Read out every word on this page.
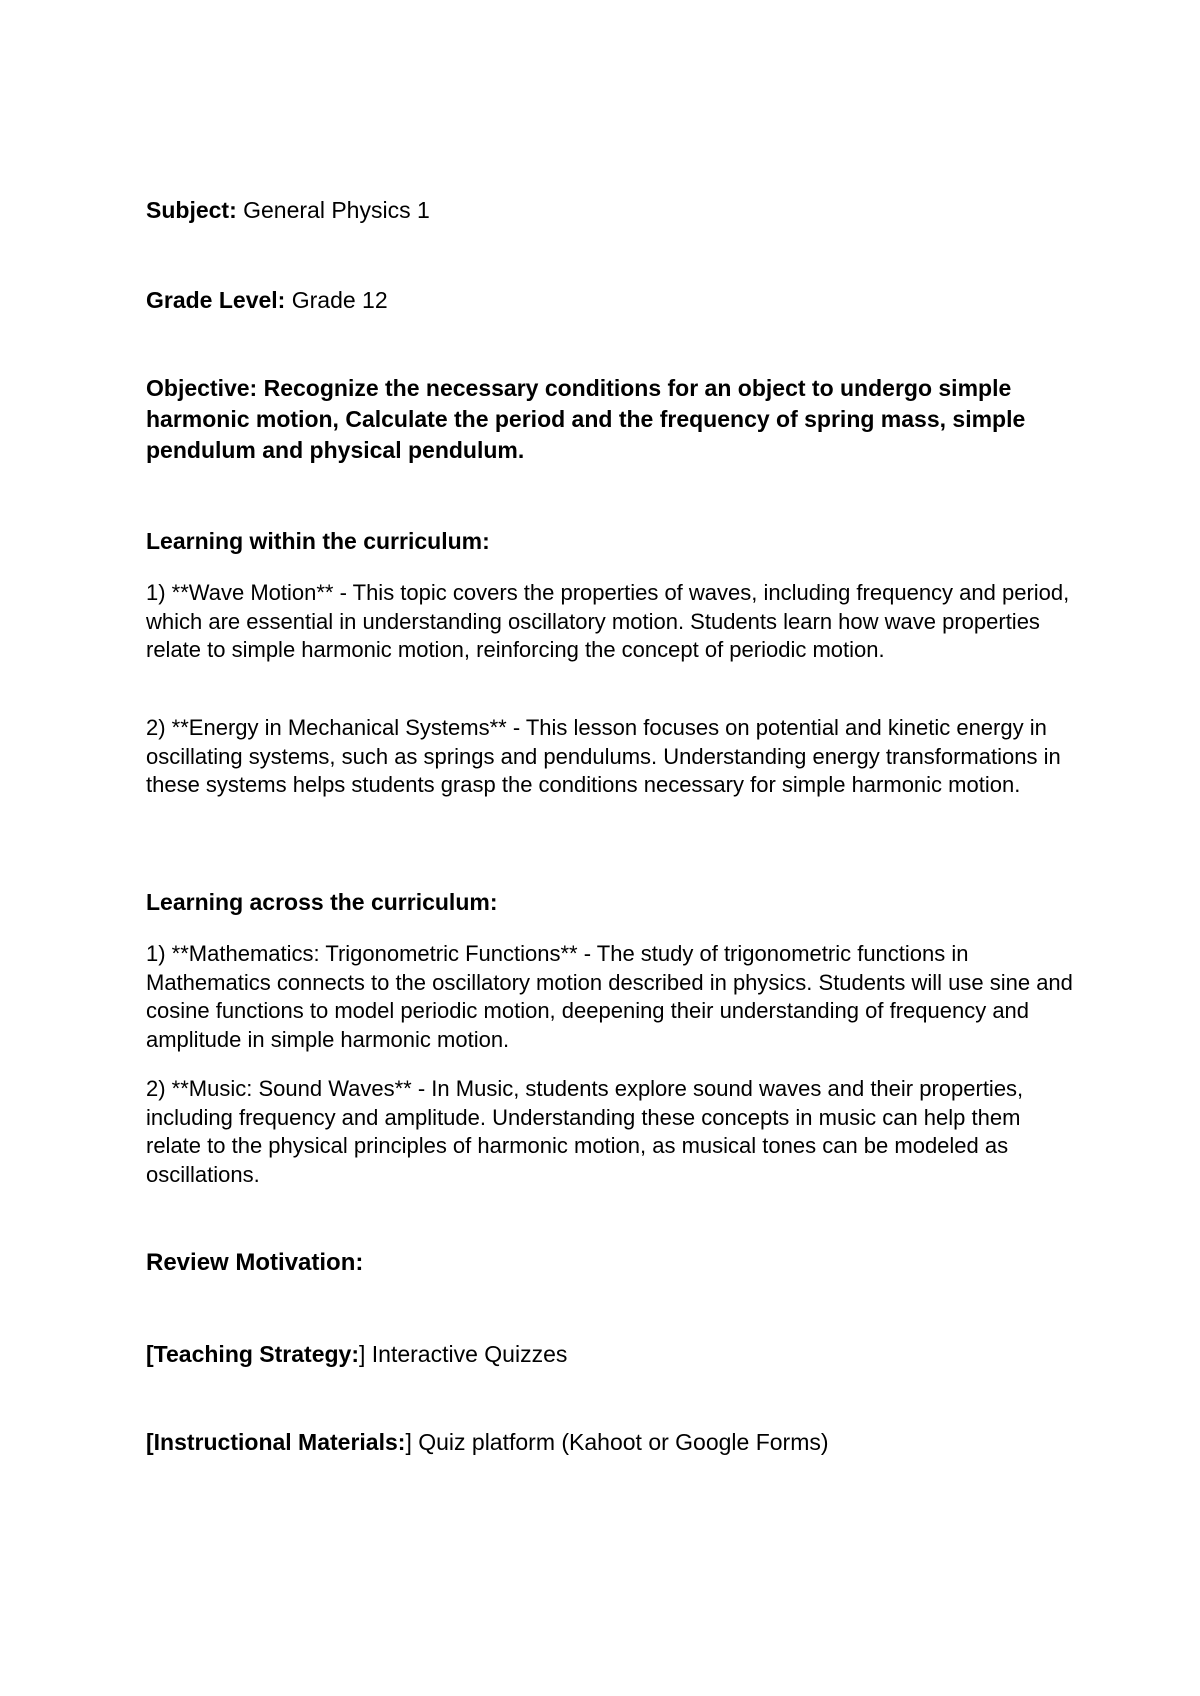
Subject: General Physics 1
Grade Level: Grade 12
Objective: Recognize the necessary conditions for an object to undergo simple harmonic motion, Calculate the period and the frequency of spring mass, simple pendulum and physical pendulum.
Learning within the curriculum:
1) **Wave Motion** - This topic covers the properties of waves, including frequency and period, which are essential in understanding oscillatory motion. Students learn how wave properties relate to simple harmonic motion, reinforcing the concept of periodic motion.
2) **Energy in Mechanical Systems** - This lesson focuses on potential and kinetic energy in oscillating systems, such as springs and pendulums. Understanding energy transformations in these systems helps students grasp the conditions necessary for simple harmonic motion.
Learning across the curriculum:
1) **Mathematics: Trigonometric Functions** - The study of trigonometric functions in Mathematics connects to the oscillatory motion described in physics. Students will use sine and cosine functions to model periodic motion, deepening their understanding of frequency and amplitude in simple harmonic motion.
2) **Music: Sound Waves** - In Music, students explore sound waves and their properties, including frequency and amplitude. Understanding these concepts in music can help them relate to the physical principles of harmonic motion, as musical tones can be modeled as oscillations.
Review Motivation:
[Teaching Strategy:] Interactive Quizzes
[Instructional Materials:] Quiz platform (Kahoot or Google Forms)
